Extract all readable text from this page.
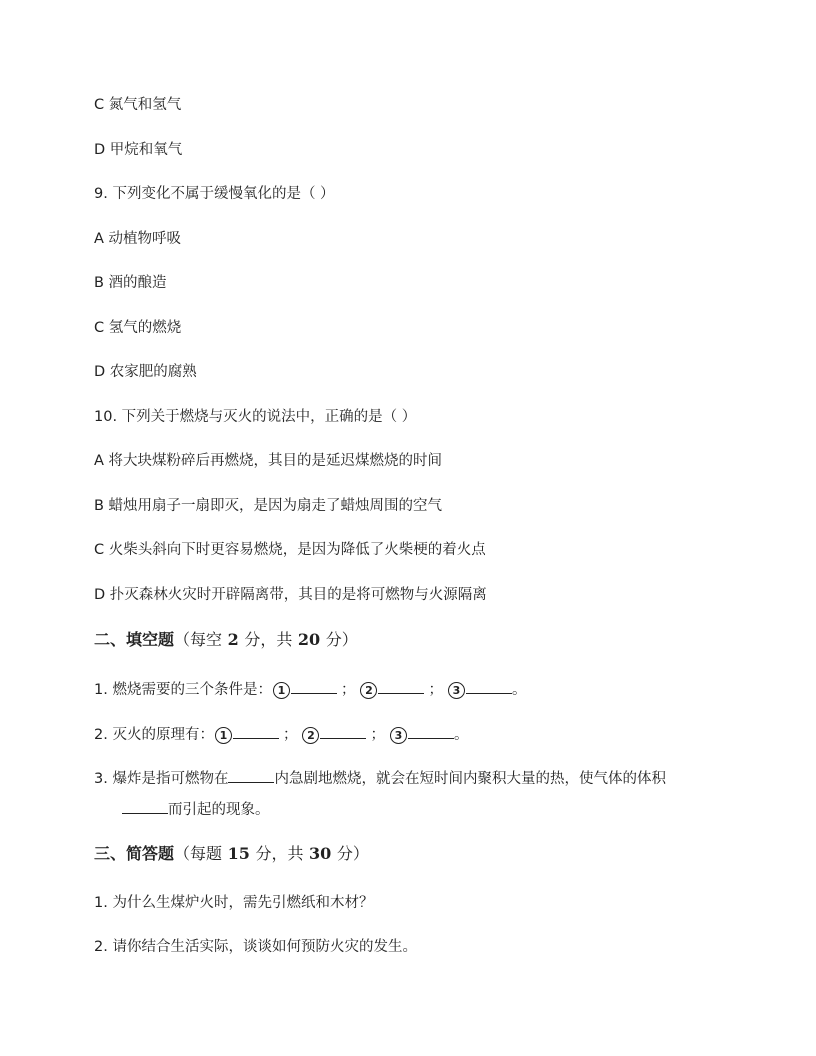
C 氮气和氢气
D 甲烷和氧气
9. 下列变化不属于缓慢氧化的是（ ）
A 动植物呼吸
B 酒的酿造
C 氢气的燃烧
D 农家肥的腐熟
10. 下列关于燃烧与灭火的说法中，正确的是（ ）
A 将大块煤粉碎后再燃烧，其目的是延迟煤燃烧的时间
B 蜡烛用扇子一扇即灭，是因为扇走了蜡烛周围的空气
C 火柴头斜向下时更容易燃烧，是因为降低了火柴梗的着火点
D 扑灭森林火灾时开辟隔离带，其目的是将可燃物与火源隔离
二、填空题（每空 2 分，共 20 分）
1. 燃烧需要的三个条件是： 1	； 2	； 3	。
2. 灭火的原理有： 1	； 2	； 3	。
3. 爆炸是指可燃物在	内急剧地燃烧，就会在短时间内聚积大量的热，使气体的体积
而引起的现象。
三、简答题（每题 15 分，共 30 分）
1. 为什么生煤炉火时，需先引燃纸和木材？
2. 请你结合生活实际，谈谈如何预防火灾的发生。
